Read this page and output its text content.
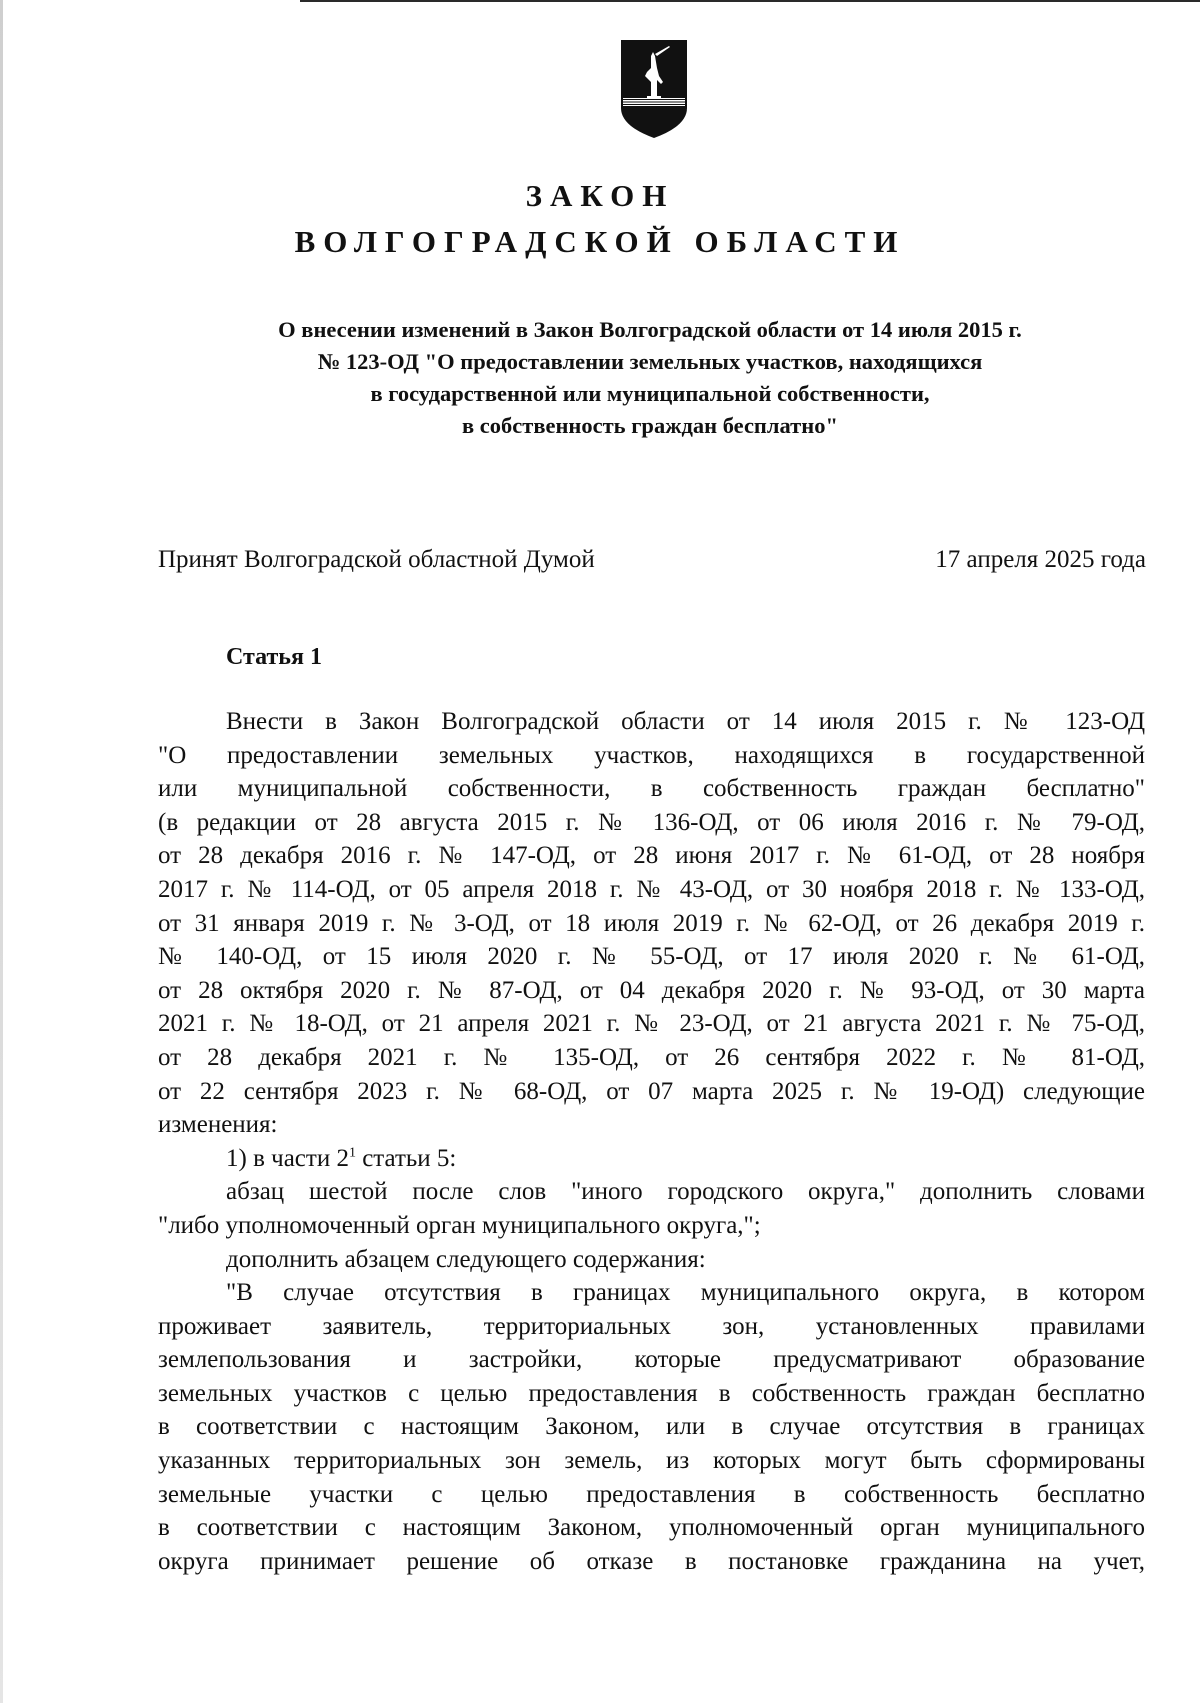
ЗАКОН
ВОЛГОГРАДСКОЙ ОБЛАСТИ
О внесении изменений в Закон Волгоградской области от 14 июля 2015 г.
№ 123-ОД "О предоставлении земельных участков, находящихся
в государственной или муниципальной собственности,
в собственность граждан бесплатно"
Принят Волгоградской областной Думой	17 апреля 2025 года
Статья 1
Внести в Закон Волгоградской области от 14 июля 2015 г. № 123-ОД
"О предоставлении земельных участков, находящихся в государственной
или муниципальной собственности, в собственность граждан бесплатно"
(в редакции от 28 августа 2015 г. № 136-ОД, от 06 июля 2016 г. № 79-ОД,
от 28 декабря 2016 г. № 147-ОД, от 28 июня 2017 г. № 61-ОД, от 28 ноября
2017 г. № 114-ОД, от 05 апреля 2018 г. № 43-ОД, от 30 ноября 2018 г. № 133-ОД,
от 31 января 2019 г. № 3-ОД, от 18 июля 2019 г. № 62-ОД, от 26 декабря 2019 г.
№ 140-ОД, от 15 июля 2020 г. № 55-ОД, от 17 июля 2020 г. № 61-ОД,
от 28 октября 2020 г. № 87-ОД, от 04 декабря 2020 г. № 93-ОД, от 30 марта
2021 г. № 18-ОД, от 21 апреля 2021 г. № 23-ОД, от 21 августа 2021 г. № 75-ОД,
от 28 декабря 2021 г. № 135-ОД, от 26 сентября 2022 г. № 81-ОД,
от 22 сентября 2023 г. № 68-ОД, от 07 марта 2025 г. № 19-ОД) следующие
изменения:
1) в части $2^1$ статьи 5:
абзац шестой после слов "иного городского округа," дополнить словами
"либо уполномоченный орган муниципального округа,";
дополнить абзацем следующего содержания:
"В случае отсутствия в границах муниципального округа, в котором
проживает заявитель, территориальных зон, установленных правилами
землепользования и застройки, которые предусматривают образование
земельных участков с целью предоставления в собственность граждан бесплатно
в соответствии с настоящим Законом, или в случае отсутствия в границах
указанных территориальных зон земель, из которых могут быть сформированы
земельные участки с целью предоставления в собственность бесплатно
в соответствии с настоящим Законом, уполномоченный орган муниципального
округа принимает решение об отказе в постановке гражданина на учет,
